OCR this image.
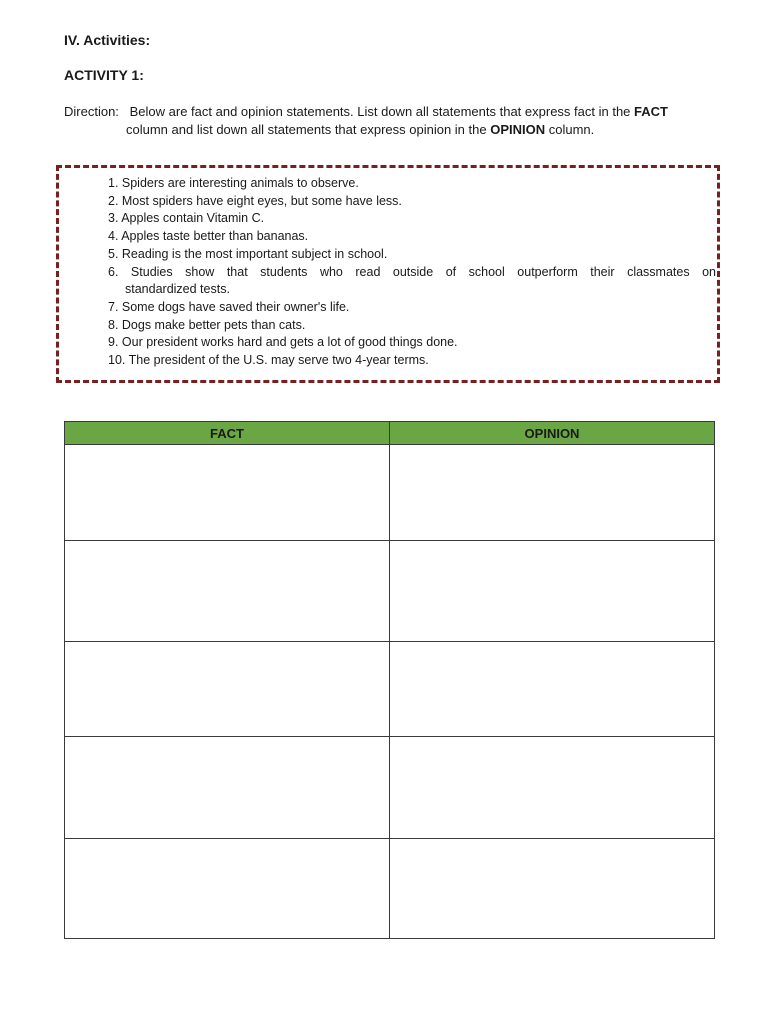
IV. Activities:
ACTIVITY 1:
Direction: Below are fact and opinion statements. List down all statements that express fact in the FACT
column and list down all statements that express opinion in the OPINION column.
1. Spiders are interesting animals to observe.
2. Most spiders have eight eyes, but some have less.
3. Apples contain Vitamin C.
4. Apples taste better than bananas.
5. Reading is the most important subject in school.
6. Studies show that students who read outside of school outperform their classmates on
standardized tests.
7. Some dogs have saved their owner's life.
8. Dogs make better pets than cats.
9. Our president works hard and gets a lot of good things done.
10. The president of the U.S. may serve two 4-year terms.
FACT	OPINION
